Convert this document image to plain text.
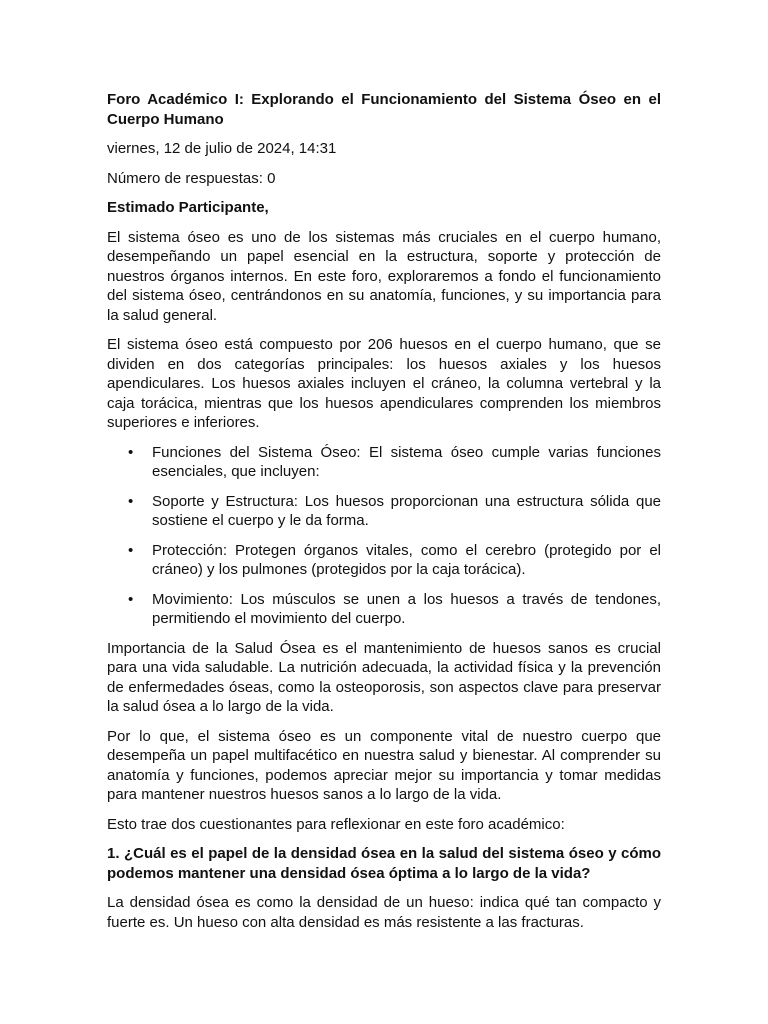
Foro Académico I: Explorando el Funcionamiento del Sistema Óseo en el Cuerpo Humano

viernes, 12 de julio de 2024, 14:31

Número de respuestas: 0

Estimado Participante,

El sistema óseo es uno de los sistemas más cruciales en el cuerpo humano, desempeñando un papel esencial en la estructura, soporte y protección de nuestros órganos internos. En este foro, exploraremos a fondo el funcionamiento del sistema óseo, centrándonos en su anatomía, funciones, y su importancia para la salud general.

El sistema óseo está compuesto por 206 huesos en el cuerpo humano, que se dividen en dos categorías principales: los huesos axiales y los huesos apendiculares. Los huesos axiales incluyen el cráneo, la columna vertebral y la caja torácica, mientras que los huesos apendiculares comprenden los miembros superiores e inferiores.

• Funciones del Sistema Óseo: El sistema óseo cumple varias funciones esenciales, que incluyen:
• Soporte y Estructura: Los huesos proporcionan una estructura sólida que sostiene el cuerpo y le da forma.
• Protección: Protegen órganos vitales, como el cerebro (protegido por el cráneo) y los pulmones (protegidos por la caja torácica).
• Movimiento: Los músculos se unen a los huesos a través de tendones, permitiendo el movimiento del cuerpo.

Importancia de la Salud Ósea es el mantenimiento de huesos sanos es crucial para una vida saludable. La nutrición adecuada, la actividad física y la prevención de enfermedades óseas, como la osteoporosis, son aspectos clave para preservar la salud ósea a lo largo de la vida.

Por lo que, el sistema óseo es un componente vital de nuestro cuerpo que desempeña un papel multifacético en nuestra salud y bienestar. Al comprender su anatomía y funciones, podemos apreciar mejor su importancia y tomar medidas para mantener nuestros huesos sanos a lo largo de la vida.

Esto trae dos cuestionantes para reflexionar en este foro académico:

1. ¿Cuál es el papel de la densidad ósea en la salud del sistema óseo y cómo podemos mantener una densidad ósea óptima a lo largo de la vida?

La densidad ósea es como la densidad de un hueso: indica qué tan compacto y fuerte es. Un hueso con alta densidad es más resistente a las fracturas.
